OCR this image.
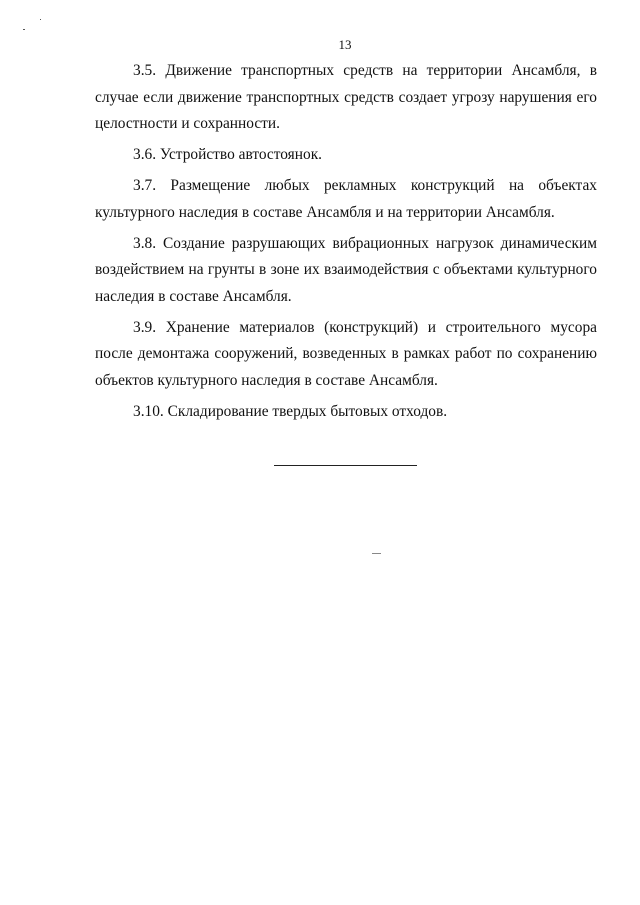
13

3.5. Движение транспортных средств на территории Ансамбля, в случае если движение транспортных средств создает угрозу нарушения его целостности и сохранности.

3.6. Устройство автостоянок.

3.7. Размещение любых рекламных конструкций на объектах культурного наследия в составе Ансамбля и на территории Ансамбля.

3.8. Создание разрушающих вибрационных нагрузок динамическим воздействием на грунты в зоне их взаимодействия с объектами культурного наследия в составе Ансамбля.

3.9. Хранение материалов (конструкций) и строительного мусора после демонтажа сооружений, возведенных в рамках работ по сохранению объектов культурного наследия в составе Ансамбля.

3.10. Складирование твердых бытовых отходов.
